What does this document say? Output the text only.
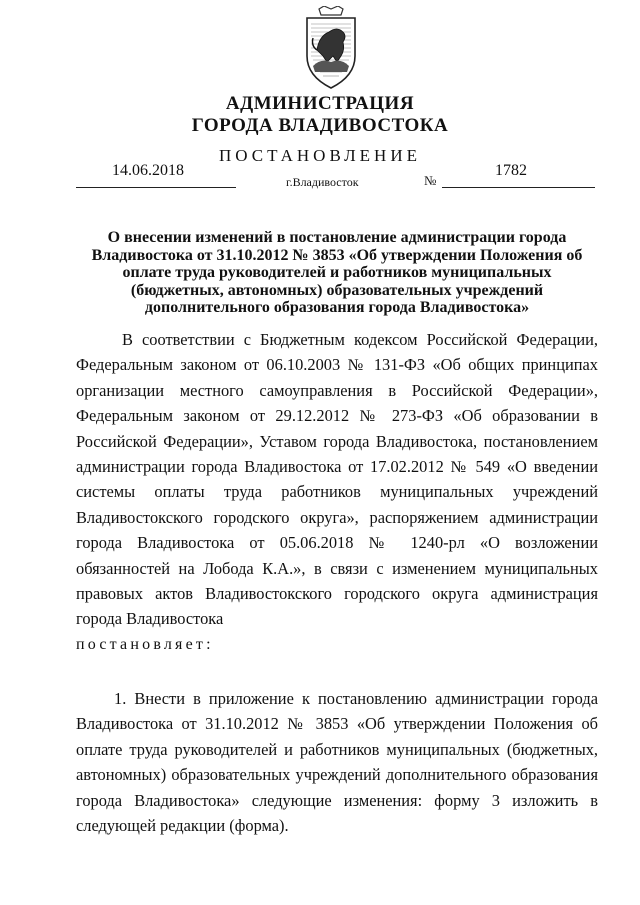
АДМИНИСТРАЦИЯ
ГОРОДА ВЛАДИВОСТОКА
ПОСТАНОВЛЕНИЕ
14.06.2018
г.Владивосток	№
1782
О внесении изменений в постановление администрации города Владивостока от 31.10.2012 № 3853 «Об утверждении Положения об оплате труда руководителей и работников муниципальных (бюджетных, автономных) образовательных учреждений дополнительного образования города Владивостока»
В соответствии с Бюджетным кодексом Российской Федерации, Федеральным законом от 06.10.2003 № 131-ФЗ «Об общих принципах организации местного самоуправления в Российской Федерации», Федеральным законом от 29.12.2012 № 273-ФЗ «Об образовании в Российской Федерации», Уставом города Владивостока, постановлением администрации города Владивостока от 17.02.2012 № 549 «О введении системы оплаты труда работников муниципальных учреждений Владивостокского городского округа», распоряжением администрации города Владивостока от 05.06.2018 № 1240-рл «О возложении обязанностей на Лобода К.А.», в связи с изменением муниципальных правовых актов Владивостокского городского округа администрация города Владивостока
постановляет:
1. Внести в приложение к постановлению администрации города Владивостока от 31.10.2012 № 3853 «Об утверждении Положения об оплате труда руководителей и работников муниципальных (бюджетных, автономных) образовательных учреждений дополнительного образования города Владивостока» следующие изменения: форму 3 изложить в следующей редакции (форма).
